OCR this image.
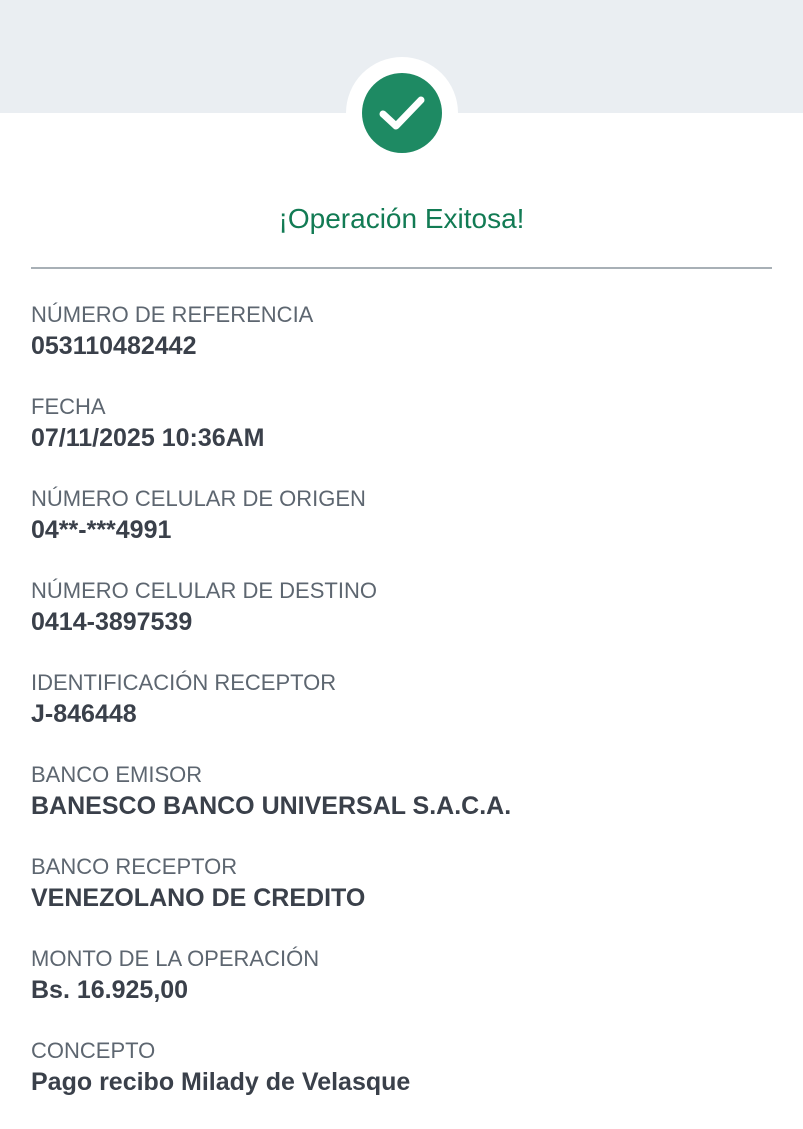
¡Operación Exitosa!
NÚMERO DE REFERENCIA
053110482442
FECHA
07/11/2025 10:36AM
NÚMERO CELULAR DE ORIGEN
04**-***4991
NÚMERO CELULAR DE DESTINO
0414-3897539
IDENTIFICACIÓN RECEPTOR
J-846448
BANCO EMISOR
BANESCO BANCO UNIVERSAL S.A.C.A.
BANCO RECEPTOR
VENEZOLANO DE CREDITO
MONTO DE LA OPERACIÓN
Bs. 16.925,00
CONCEPTO
Pago recibo Milady de Velasque
